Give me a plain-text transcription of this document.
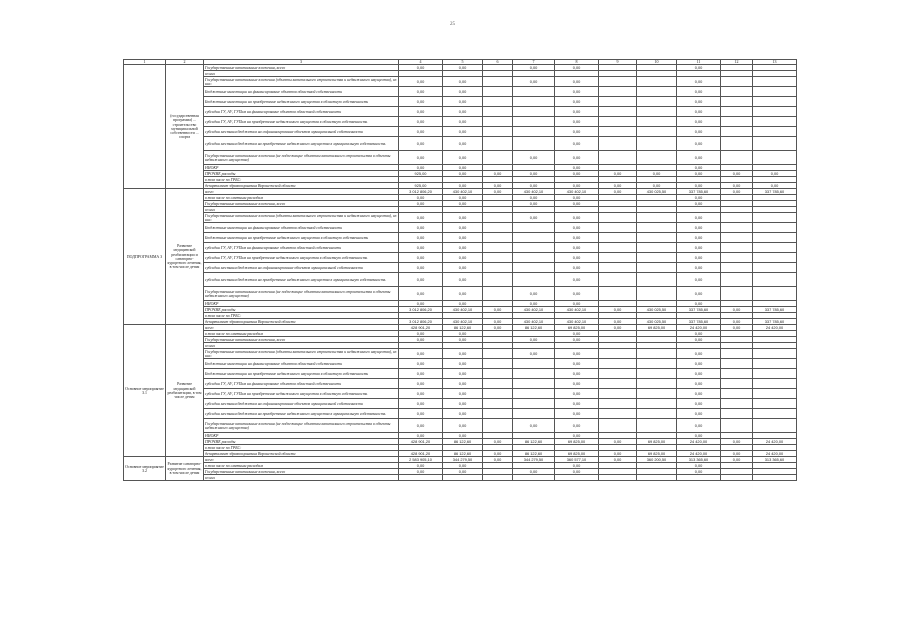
25
1	2	3	4	5	6	7	8	9	10	11	12	13
	(государственная программа) ... строительство муниципальной собственности ... спорта	Государственные капитальные вложения, всего	0,00	0,00		0,00	0,00			0,00		
		из них										
		Государственные капитальные вложения (объекты капитального строительства и недвижимого имущества), из них:	0,00	0,00		0,00	0,00			0,00		
		Бюджетные инвестиции на финансирование объектов областной собственности	0,00	0,00			0,00			0,00		
		Бюджетные инвестиции на приобретение недвижимого имущества в областную собственность	0,00	0,00			0,00			0,00		
		субсидии ГУ, АУ, ГУПам на финансирование объектов областной собственности	0,00	0,00			0,00			0,00		
		субсидии ГУ, АУ, ГУПам на приобретение недвижимого имущества в областную собственность	0,00	0,00			0,00			0,00		
		субсидии местным бюджетам на софинансирование объектов муниципальной собственности	0,00	0,00			0,00			0,00		
		субсидии местным бюджетам на приобретение недвижимого имущества в муниципальную собственность	0,00	0,00			0,00			0,00		
		Государственные капитальные вложения (не подлежащие объектам капитального строительства в объекты недвижимого имущества)	0,00	0,00		0,00	0,00			0,00		
		НИОКР	0,00	0,00			0,00			0,00		
		ПРОЧИЕ расходы	925,00	0,00	0,00	0,00	0,00	0,00	0,00	0,00	0,00	0,00
		в том числе по ГРБС:										
		департамент здравоохранения Воронежской области	925,00	0,00	0,00	0,00	0,00	0,00	0,00	0,00	0,00	0,00
ПОДПРОГРАММА 3	Развитие медицинской реабилитации и санаторно-курортного лечения, в том числе детям	всего	3 012 806,20	430 402,10	0,00	430 402,10	430 402,10	0,00	430 025,50	337 785,60	0,00	337 785,60
		в том числе по сметным расходам	0,00	0,00		0,00	0,00			0,00		
		Государственные капитальные вложения, всего	0,00	0,00		0,00	0,00			0,00		
		из них										
		Государственные капитальные вложения (объекты капитального строительства и недвижимого имущества), из них:	0,00	0,00		0,00	0,00			0,00		
		Бюджетные инвестиции на финансирование объектов областной собственности	0,00	0,00			0,00			0,00		
		Бюджетные инвестиции на приобретение недвижимого имущества в областную собственность	0,00	0,00			0,00			0,00		
		субсидии ГУ, АУ, ГУПам на финансирование объектов областной собственности	0,00	0,00			0,00			0,00		
		субсидии ГУ, АУ, ГУПам на приобретение недвижимого имущества в областную собственность	0,00	0,00			0,00			0,00		
		субсидии местным бюджетам на софинансирование объектов муниципальной собственности	0,00	0,00			0,00			0,00		
		субсидии местным бюджетам на приобретение недвижимого имущества в муниципальную собственность	0,00	0,00			0,00			0,00		
		Государственные капитальные вложения (не подлежащие объектам капитального строительства в объекты недвижимого имущества)	0,00	0,00		0,00	0,00			0,00		
		НИОКР	0,00	0,00		0,00	0,00			0,00		
		ПРОЧИЕ расходы	3 012 806,20	430 402,10	0,00	430 402,10	430 402,10	0,00	430 025,50	337 785,60	0,00	337 785,60
		в том числе по ГРБС:										
		департамент здравоохранения Воронежской области	3 012 806,20	430 402,10	0,00	430 402,10	430 402,10	0,00	430 025,50	337 785,60	0,00	337 785,60
Основное мероприятие 3.1	Развитие медицинской реабилитации, в том числе детям	всего	428 901,20	86 122,60	0,00	86 122,60	69 825,00	0,00	69 825,00	24 420,00	0,00	24 420,00
		в том числе по сметным расходам	0,00	0,00			0,00			0,00		
		Государственные капитальные вложения, всего	0,00	0,00		0,00	0,00			0,00		
		из них										
		Государственные капитальные вложения (объекты капитального строительства и недвижимого имущества), из них:	0,00	0,00		0,00	0,00			0,00		
		Бюджетные инвестиции на финансирование объектов областной собственности	0,00	0,00			0,00			0,00		
		Бюджетные инвестиции на приобретение недвижимого имущества в областную собственность	0,00	0,00			0,00			0,00		
		субсидии ГУ, АУ, ГУПам на финансирование объектов областной собственности	0,00	0,00			0,00			0,00		
		субсидии ГУ, АУ, ГУПам на приобретение недвижимого имущества в областную собственность	0,00	0,00			0,00			0,00		
		субсидии местным бюджетам на софинансирование объектов муниципальной собственности	0,00	0,00			0,00			0,00		
		субсидии местным бюджетам на приобретение недвижимого имущества в муниципальную собственность	0,00	0,00			0,00			0,00		
		Государственные капитальные вложения (не подлежащие объектам капитального строительства в объекты недвижимого имущества)	0,00	0,00		0,00	0,00			0,00		
		НИОКР	0,00	0,00			0,00			0,00		
		ПРОЧИЕ расходы	428 901,20	86 122,60	0,00	86 122,60	69 825,00	0,00	69 825,00	24 420,00	0,00	24 420,00
		в том числе по ГРБС:										
		департамент здравоохранения Воронежской области	428 901,20	86 122,60	0,00	86 122,60	69 825,00	0,00	69 825,00	24 420,00	0,00	24 420,00
Основное мероприятие 3.2	Развитие санаторно-курортного лечения, в том числе детям	всего	2 583 905,10	344 279,50	0,00	344 279,50	360 577,10	0,00	360 200,50	313 365,60	0,00	313 365,60
		в том числе по сметным расходам	0,00	0,00			0,00			0,00		
		Государственные капитальные вложения, всего	0,00	0,00		0,00	0,00			0,00		
		из них										
